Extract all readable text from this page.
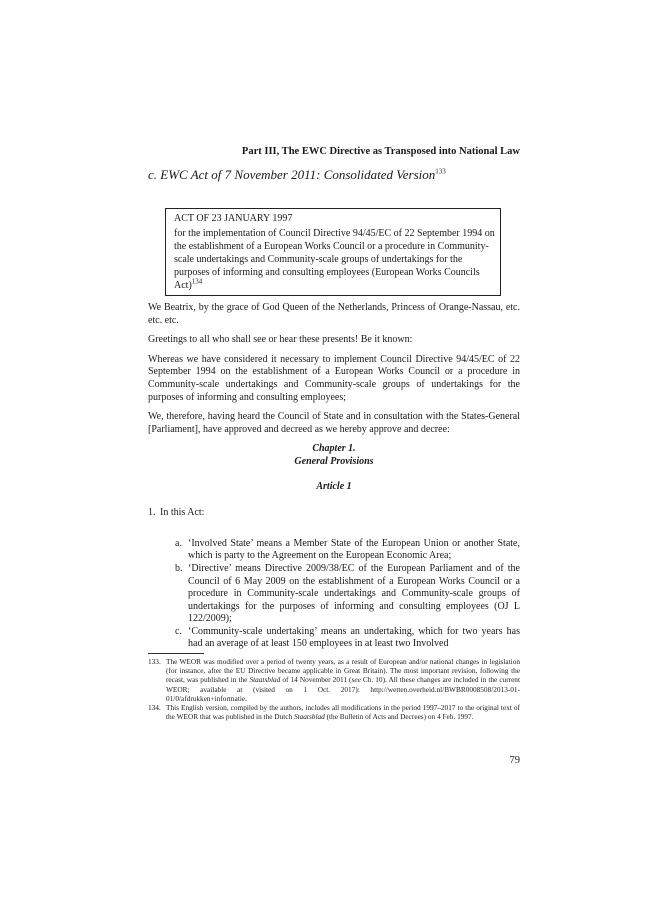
Part III, The EWC Directive as Transposed into National Law
c. EWC Act of 7 November 2011: Consolidated Version$^{133}$

ACT OF 23 JANUARY 1997

for the implementation of Council Directive 94/45/EC of 22 September 1994 on the establishment of a European Works Council or a procedure in Community-scale undertakings and Community-scale groups of undertakings for the purposes of informing and consulting employees (European Works Councils Act)$^{134}$

We Beatrix, by the grace of God Queen of the Netherlands, Princess of Orange-Nassau, etc. etc. etc.

Greetings to all who shall see or hear these presents! Be it known:

Whereas we have considered it necessary to implement Council Directive 94/45/EC of 22 September 1994 on the establishment of a European Works Council or a procedure in Community-scale undertakings and Community-scale groups of undertakings for the purposes of informing and consulting employees;

We, therefore, having heard the Council of State and in consultation with the States-General [Parliament], have approved and decreed as we hereby approve and decree:

Chapter 1.

General Provisions

Article 1

1. In this Act:

a. ‘Involved State’ means a Member State of the European Union or another State, which is party to the Agreement on the European Economic Area;
b. ‘Directive’ means Directive 2009/38/EC of the European Parliament and of the Council of 6 May 2009 on the establishment of a European Works Council or a procedure in Community-scale undertakings and Community-scale groups of undertakings for the purposes of informing and consulting employees (OJ L 122/2009);
c. ‘Community-scale undertaking’ means an undertaking, which for two years has had an average of at least 150 employees in at least two Involved
133. The WEOR was modified over a period of twenty years, as a result of European and/or national changes in legislation (for instance, after the EU Directive became applicable in Great Britain). The most important revision, following the recast, was published in the Staatsblad of 14 November 2011 (see Ch. 10). All these changes are included in the current WEOR; available at (visited on 1 Oct. 2017): http://wetten.overheid.nl/BWBR0008508/2013-01-01/0/afdrukken+informatie.
134. This English version, compiled by the authors, includes all modifications in the period 1997–2017 to the original text of the WEOR that was published in the Dutch Staatsblad (the Bulletin of Acts and Decrees) on 4 Feb. 1997.
79
